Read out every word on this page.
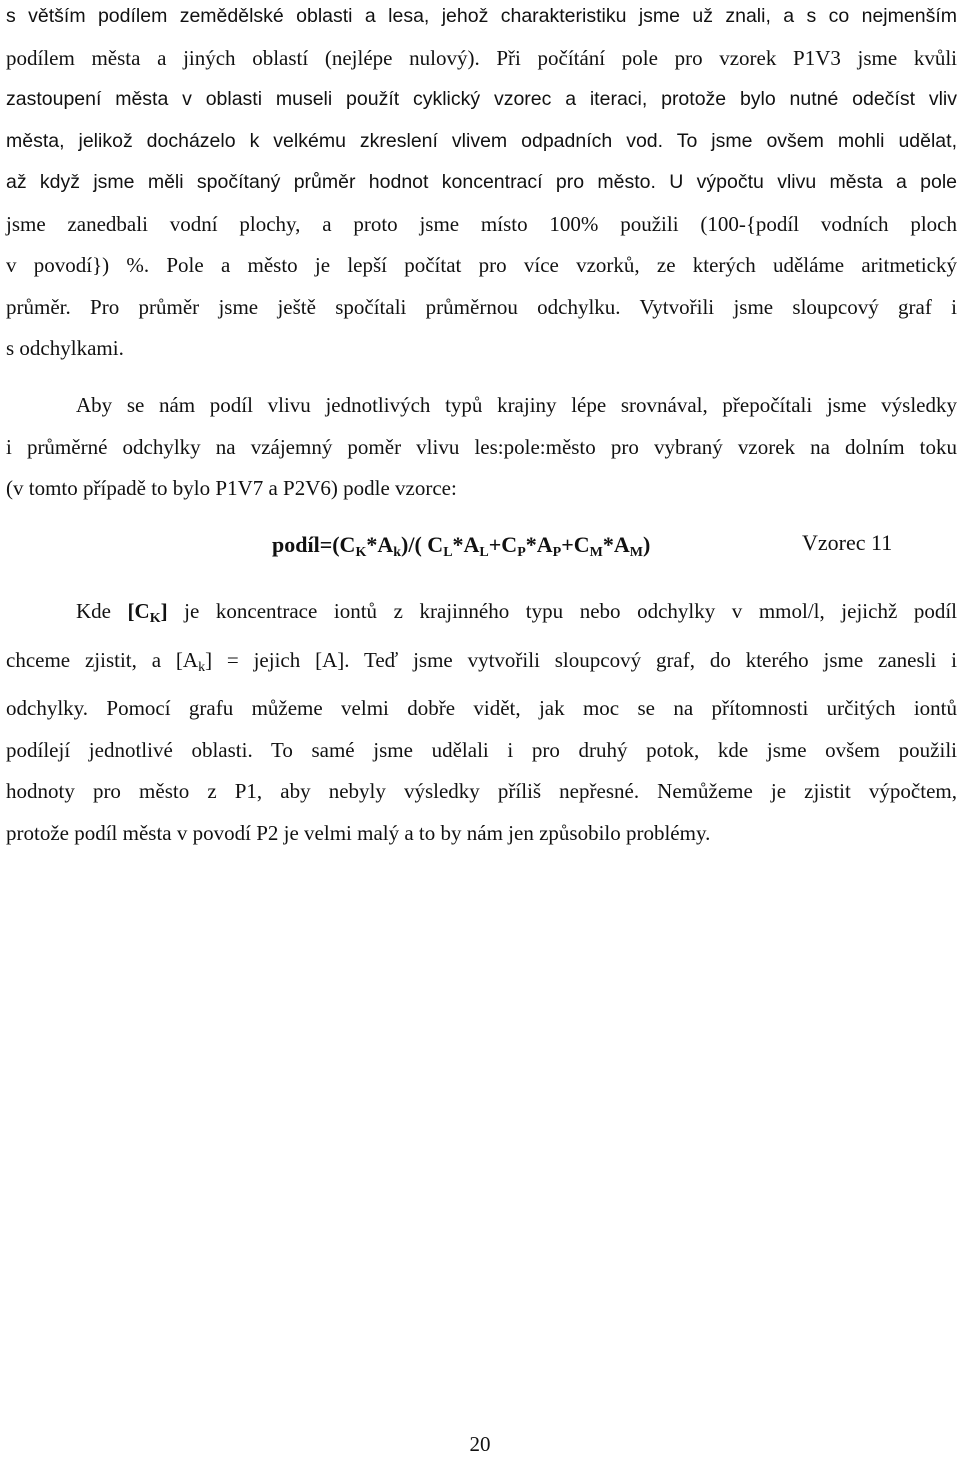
s větším podílem zemědělské oblasti a lesa, jehož charakteristiku jsme už znali, a s co nejmenším
podílem města a jiných oblastí (nejlépe nulový). Při počítání pole pro vzorek P1V3 jsme kvůli
zastoupení města v oblasti museli použít cyklický vzorec a iteraci, protože bylo nutné odečíst vliv
města, jelikož docházelo k velkému zkreslení vlivem odpadních vod. To jsme ovšem mohli udělat,
až když jsme měli spočítaný průměr hodnot koncentrací pro město. U výpočtu vlivu města a pole
jsme zanedbali vodní plochy, a proto jsme místo 100% použili (100-{podíl vodních ploch
v povodí}) %. Pole a město je lepší počítat pro více vzorků, ze kterých uděláme aritmetický
průměr. Pro průměr jsme ještě spočítali průměrnou odchylku. Vytvořili jsme sloupcový graf i
s odchylkami.

Aby se nám podíl vlivu jednotlivých typů krajiny lépe srovnával, přepočítali jsme výsledky
i průměrné odchylky na vzájemný poměr vlivu les:pole:město pro vybraný vzorek na dolním toku
(v tomto případě to bylo P1V7 a P2V6) podle vzorce:

$podíl=(C_K*A_k)/$( $C_L*A_L+C_P*A_P+C_M*A_M$)	Vzorec 11

Kde $[C_K]$ je koncentrace iontů z krajinného typu nebo odchylky v mmol/l, jejichž podíl
chceme zjistit, a $[A_k]$ = jejich [A]. Teď jsme vytvořili sloupcový graf, do kterého jsme zanesli i
odchylky. Pomocí grafu můžeme velmi dobře vidět, jak moc se na přítomnosti určitých iontů
podílejí jednotlivé oblasti. To samé jsme udělali i pro druhý potok, kde jsme ovšem použili
hodnoty pro město z P1, aby nebyly výsledky příliš nepřesné. Nemůžeme je zjistit výpočtem,
protože podíl města v povodí P2 je velmi malý a to by nám jen způsobilo problémy.

20
